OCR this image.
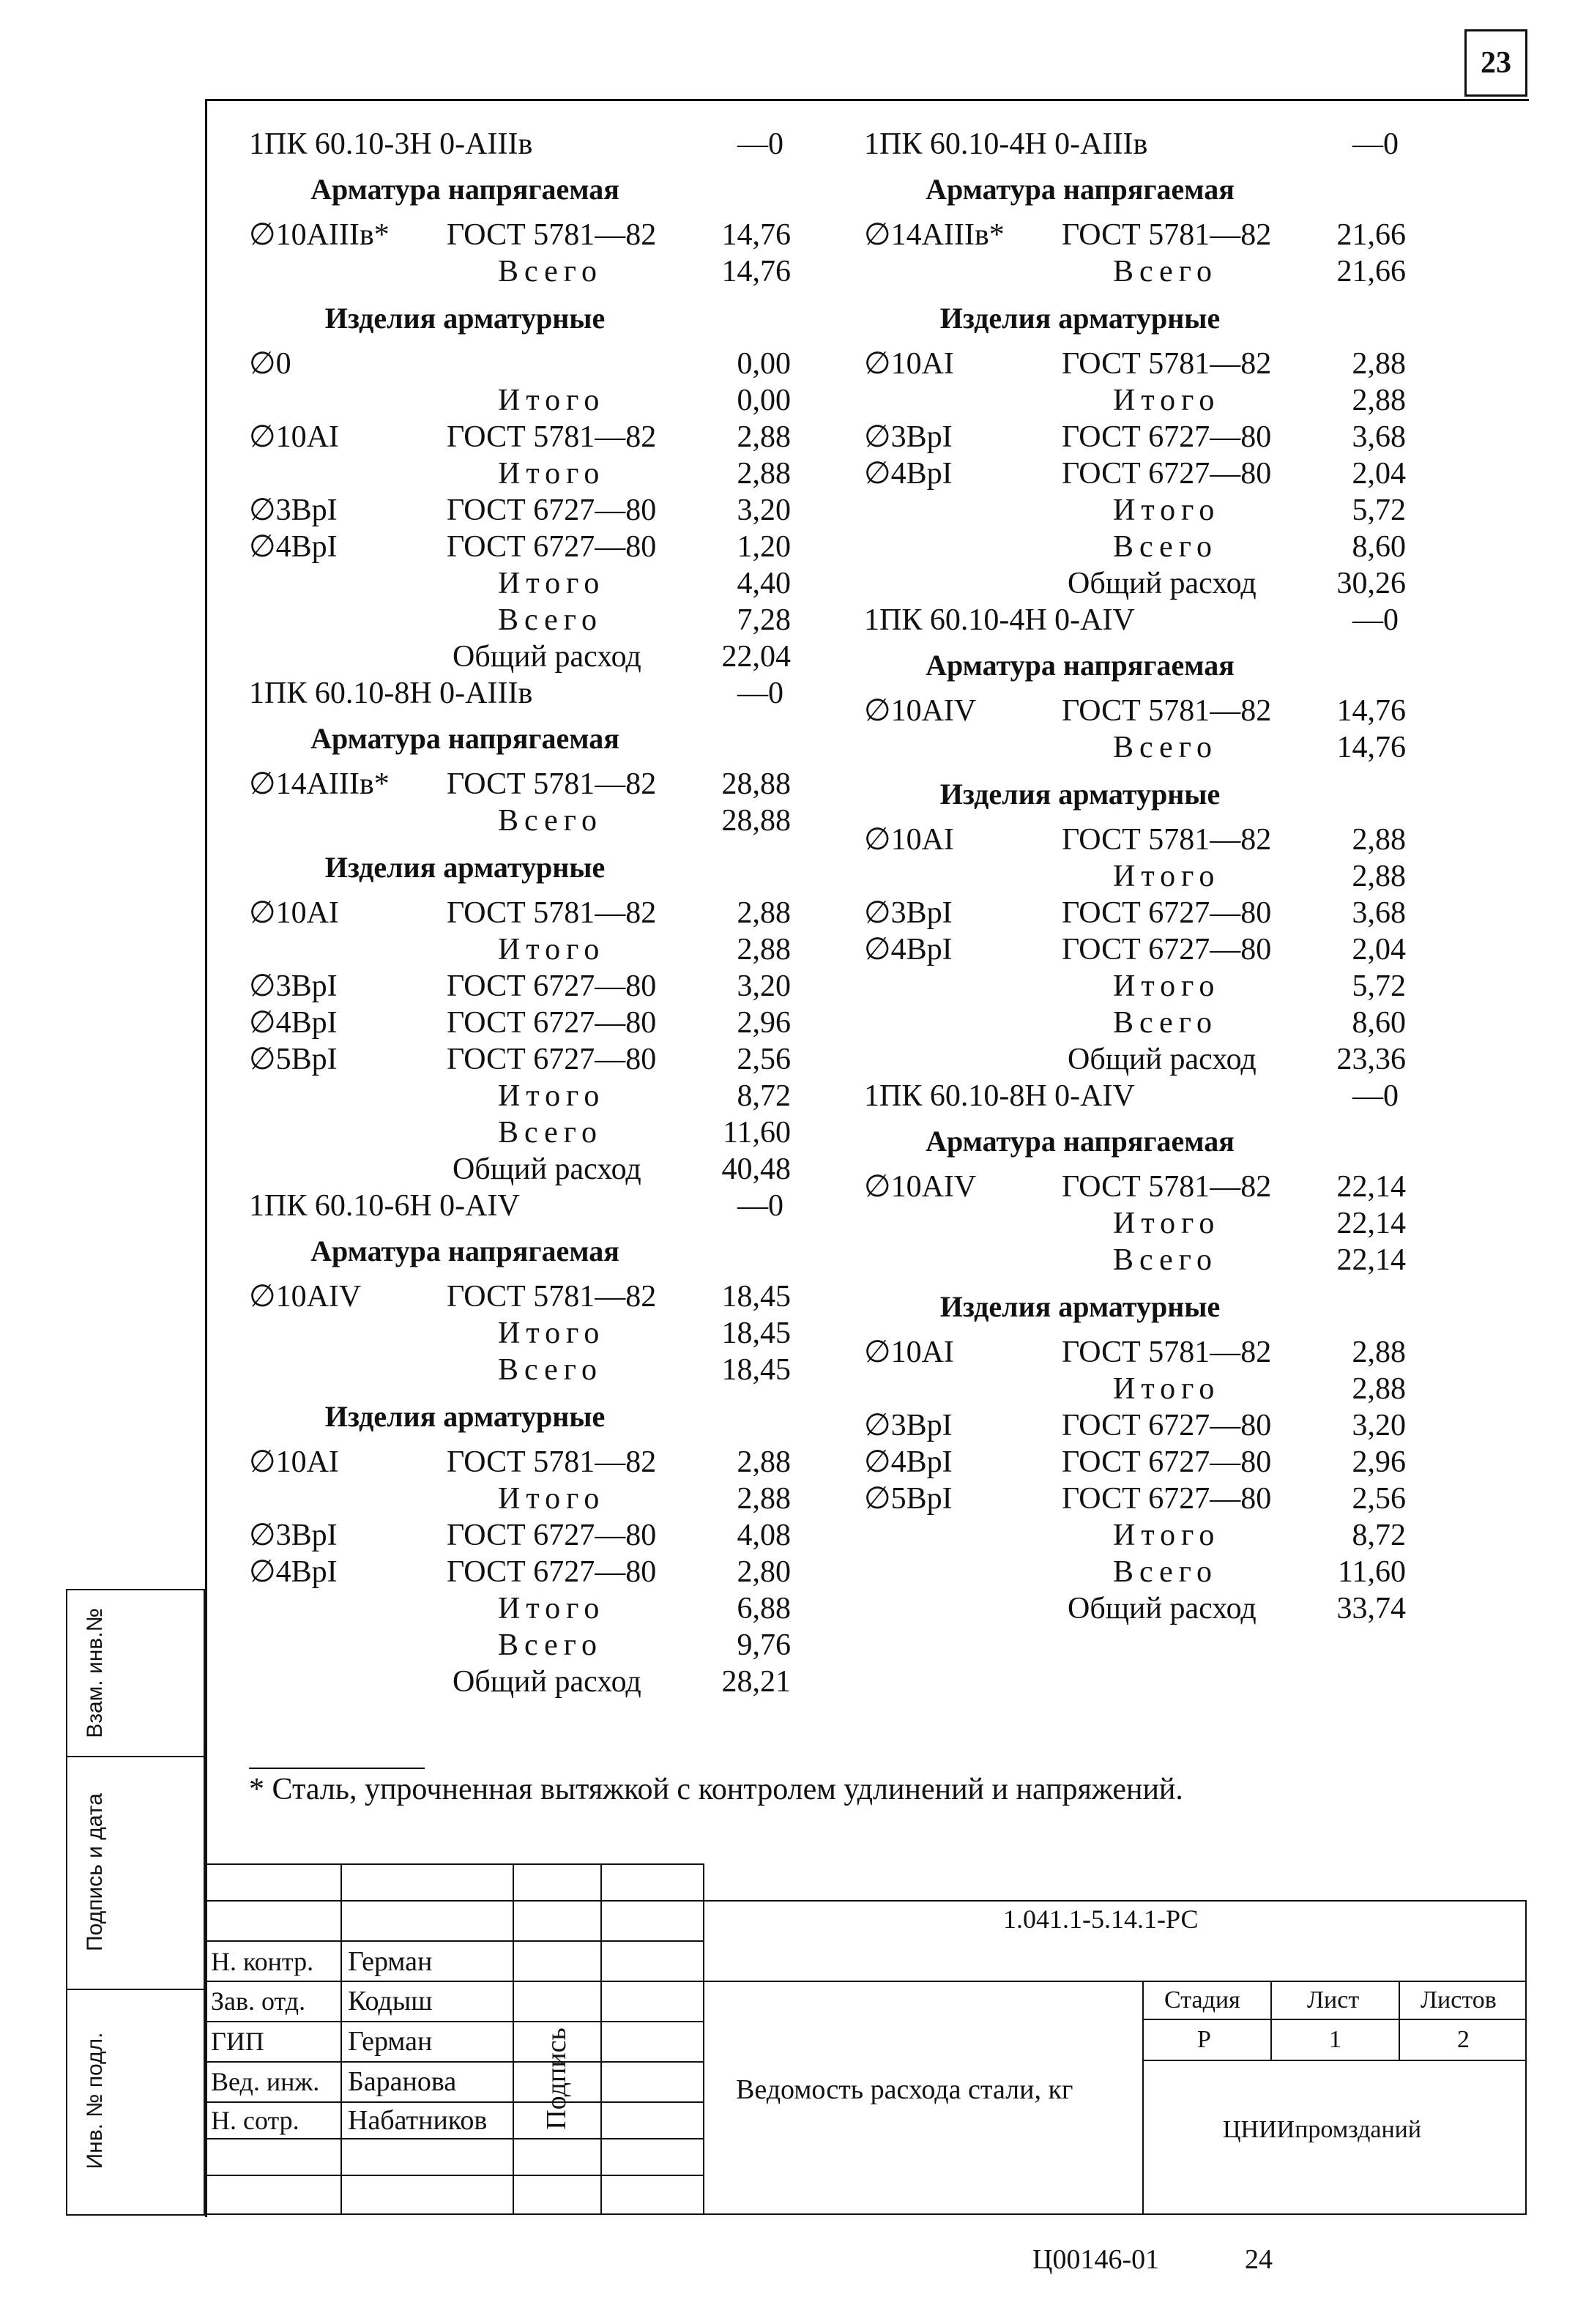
23
1ПК 60.10-3Н 0-АIIIв	—0
Арматура напрягаемая
∅10АIIIв* ГОСТ 5781—82 14,76
Всего	14,76
Изделия арматурные
∅0	0,00
Итого	0,00
∅10АI	ГОСТ 5781—82	2,88
Итого	2,88
∅3ВрI	ГОСТ 6727—80	3,20
∅4ВрI	ГОСТ 6727—80	1,20
Итого	4,40
Всего	7,28
Общий расход	22,04
1ПК 60.10-8Н 0-АIIIв	—0
Арматура напрягаемая
∅14АIIIв* ГОСТ 5781—82 28,88
Всего	28,88
Изделия арматурные
∅10АI	ГОСТ 5781—82	2,88
Итого	2,88
∅3ВрI	ГОСТ 6727—80	3,20
∅4ВрI	ГОСТ 6727—80	2,96
∅5ВрI	ГОСТ 6727—80	2,56
Итого	8,72
Всего	11,60
Общий расход	40,48
1ПК 60.10-6Н 0-АIV	—0
Арматура напрягаемая
∅10АIV	ГОСТ 5781—82 18,45
Итого	18,45
Всего	18,45
Изделия арматурные
∅10АI	ГОСТ 5781—82	2,88
Итого	2,88
∅3ВрI	ГОСТ 6727—80	4,08
∅4ВрI	ГОСТ 6727—80	2,80
Итого	6,88
Всего	9,76
Общий расход	28,21
1ПК 60.10-4Н 0-АIIIв	—0
Арматура напрягаемая
∅14АIIIв* ГОСТ 5781—82 21,66
Всего	21,66
Изделия арматурные
∅10АI	ГОСТ 5781—82	2,88
Итого	2,88
∅3ВрI	ГОСТ 6727—80	3,68
∅4ВрI	ГОСТ 6727—80	2,04
Итого	5,72
Всего	8,60
Общий расход	30,26
1ПК 60.10-4Н 0-АIV	—0
Арматура напрягаемая
∅10АIV	ГОСТ 5781—82 14,76
Всего	14,76
Изделия арматурные
∅10АI	ГОСТ 5781—82	2,88
Итого	2,88
∅3ВрI	ГОСТ 6727—80	3,68
∅4ВрI	ГОСТ 6727—80	2,04
Итого	5,72
Всего	8,60
Общий расход	23,36
1ПК 60.10-8Н 0-АIV	—0
Арматура напрягаемая
∅10АIV	ГОСТ 5781—82 22,14
Итого	22,14
Всего	22,14
Изделия арматурные
∅10АI	ГОСТ 5781—82	2,88
Итого	2,88
∅3ВрI	ГОСТ 6727—80	3,20
∅4ВрI	ГОСТ 6727—80	2,96
∅5ВрI	ГОСТ 6727—80	2,56
Итого	8,72
Всего	11,60
Общий расход	33,74
* Сталь, упрочненная вытяжкой с контролем удлинений и напряжений.
Взам. инв.№
Подпись и дата
Инв. № подл.
1.041.1-5.14.1-РС
Н. контр. Герман
Зав. отд. Кодыш
ГИП	Герман
Вед. инж. Баранова
Н. сотр. Набатников Подпись	Ведомость расхода стали, кг
Стадия	Лист Листов
Р	1	2
ЦНИИпромзданий
Ц00146-01	24
